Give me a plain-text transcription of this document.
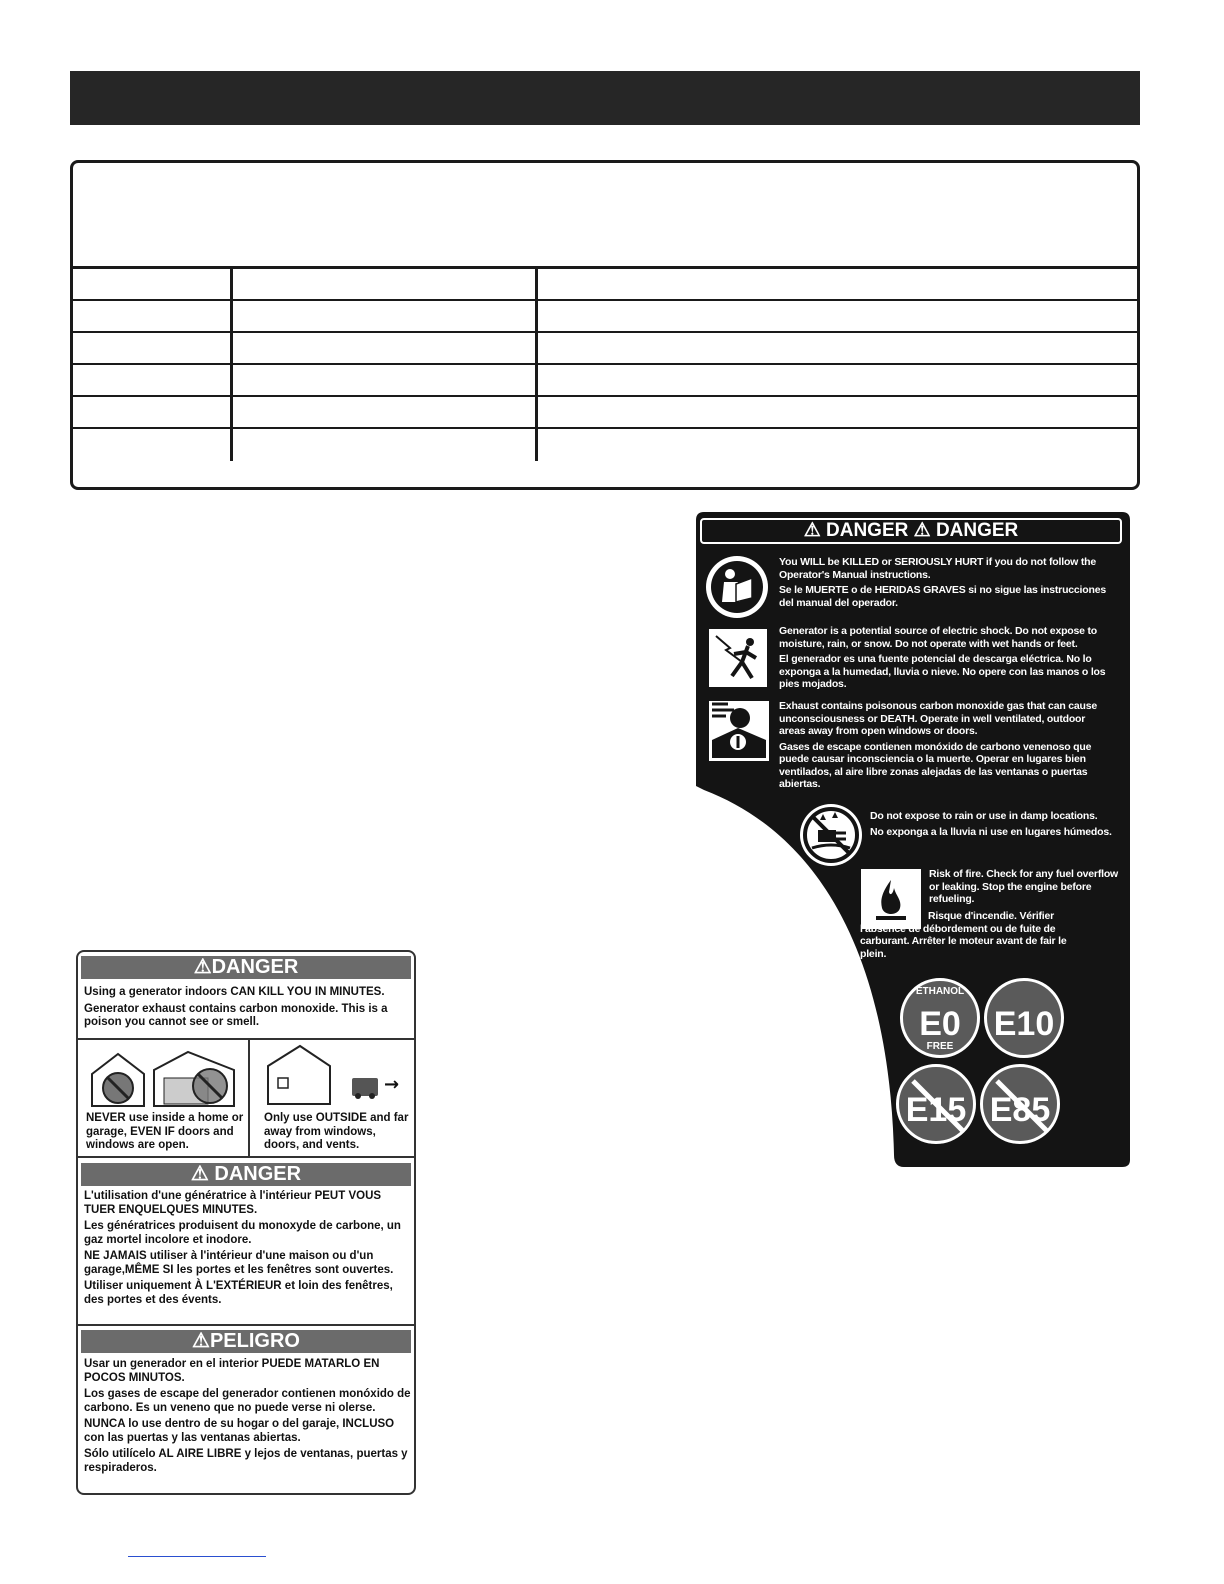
⚠ DANGER ⚠ DANGER

You WILL be KILLED or SERIOUSLY HURT if you do not follow the Operator's Manual instructions.

Se le MUERTE o de HERIDAS GRAVES si no sigue las instrucciones del manual del operador.

Generator is a potential source of electric shock. Do not expose to moisture, rain, or snow. Do not operate with wet hands or feet.

El generador es una fuente potencial de descarga eléctrica. No lo exponga a la humedad, lluvia o nieve. No opere con las manos o los pies mojados.

Exhaust contains poisonous carbon monoxide gas that can cause unconsciousness or DEATH. Operate in well ventilated, outdoor areas away from open windows or doors.

Gases de escape contienen monóxido de carbono venenoso que puede causar inconsciencia o la muerte. Operar en lugares bien ventilados, al aire libre zonas alejadas de las ventanas o puertas abiertas.

Do not expose to rain or use in damp locations.

No exponga a la lluvia ni use en lugares húmedos.

Risk of fire. Check for any fuel overflow or leaking. Stop the engine before refueling.

Risque d'incendie. Vérifier l'absence de débordement ou de fuite de carburant. Arrêter le moteur avant de fair le plein.

ETHANOL
E0
FREE
E10
E15 E85
⚠DANGER

Using a generator indoors CAN KILL YOU IN MINUTES.

Generator exhaust contains carbon monoxide. This is a poison you cannot see or smell.

NEVER use inside a home or garage, EVEN IF doors and windows are open.
→
Only use OUTSIDE and far away from windows, doors, and vents.
⚠ DANGER

L'utilisation d'une génératrice à l'intérieur PEUT VOUS TUER ENQUELQUES MINUTES.

Les génératrices produisent du monoxyde de carbone, un gaz mortel incolore et inodore.

NE JAMAIS utiliser à l'intérieur d'une maison ou d'un garage,MÊME SI les portes et les fenêtres sont ouvertes.

Utiliser uniquement À L'EXTÉRIEUR et loin des fenêtres, des portes et des évents.

⚠PELIGRO

Usar un generador en el interior PUEDE MATARLO EN POCOS MINUTOS.

Los gases de escape del generador contienen monóxido de carbono. Es un veneno que no puede verse ni olerse.

NUNCA lo use dentro de su hogar o del garaje, INCLUSO con las puertas y las ventanas abiertas.

Sólo utilícelo AL AIRE LIBRE y lejos de ventanas, puertas y respiraderos.
